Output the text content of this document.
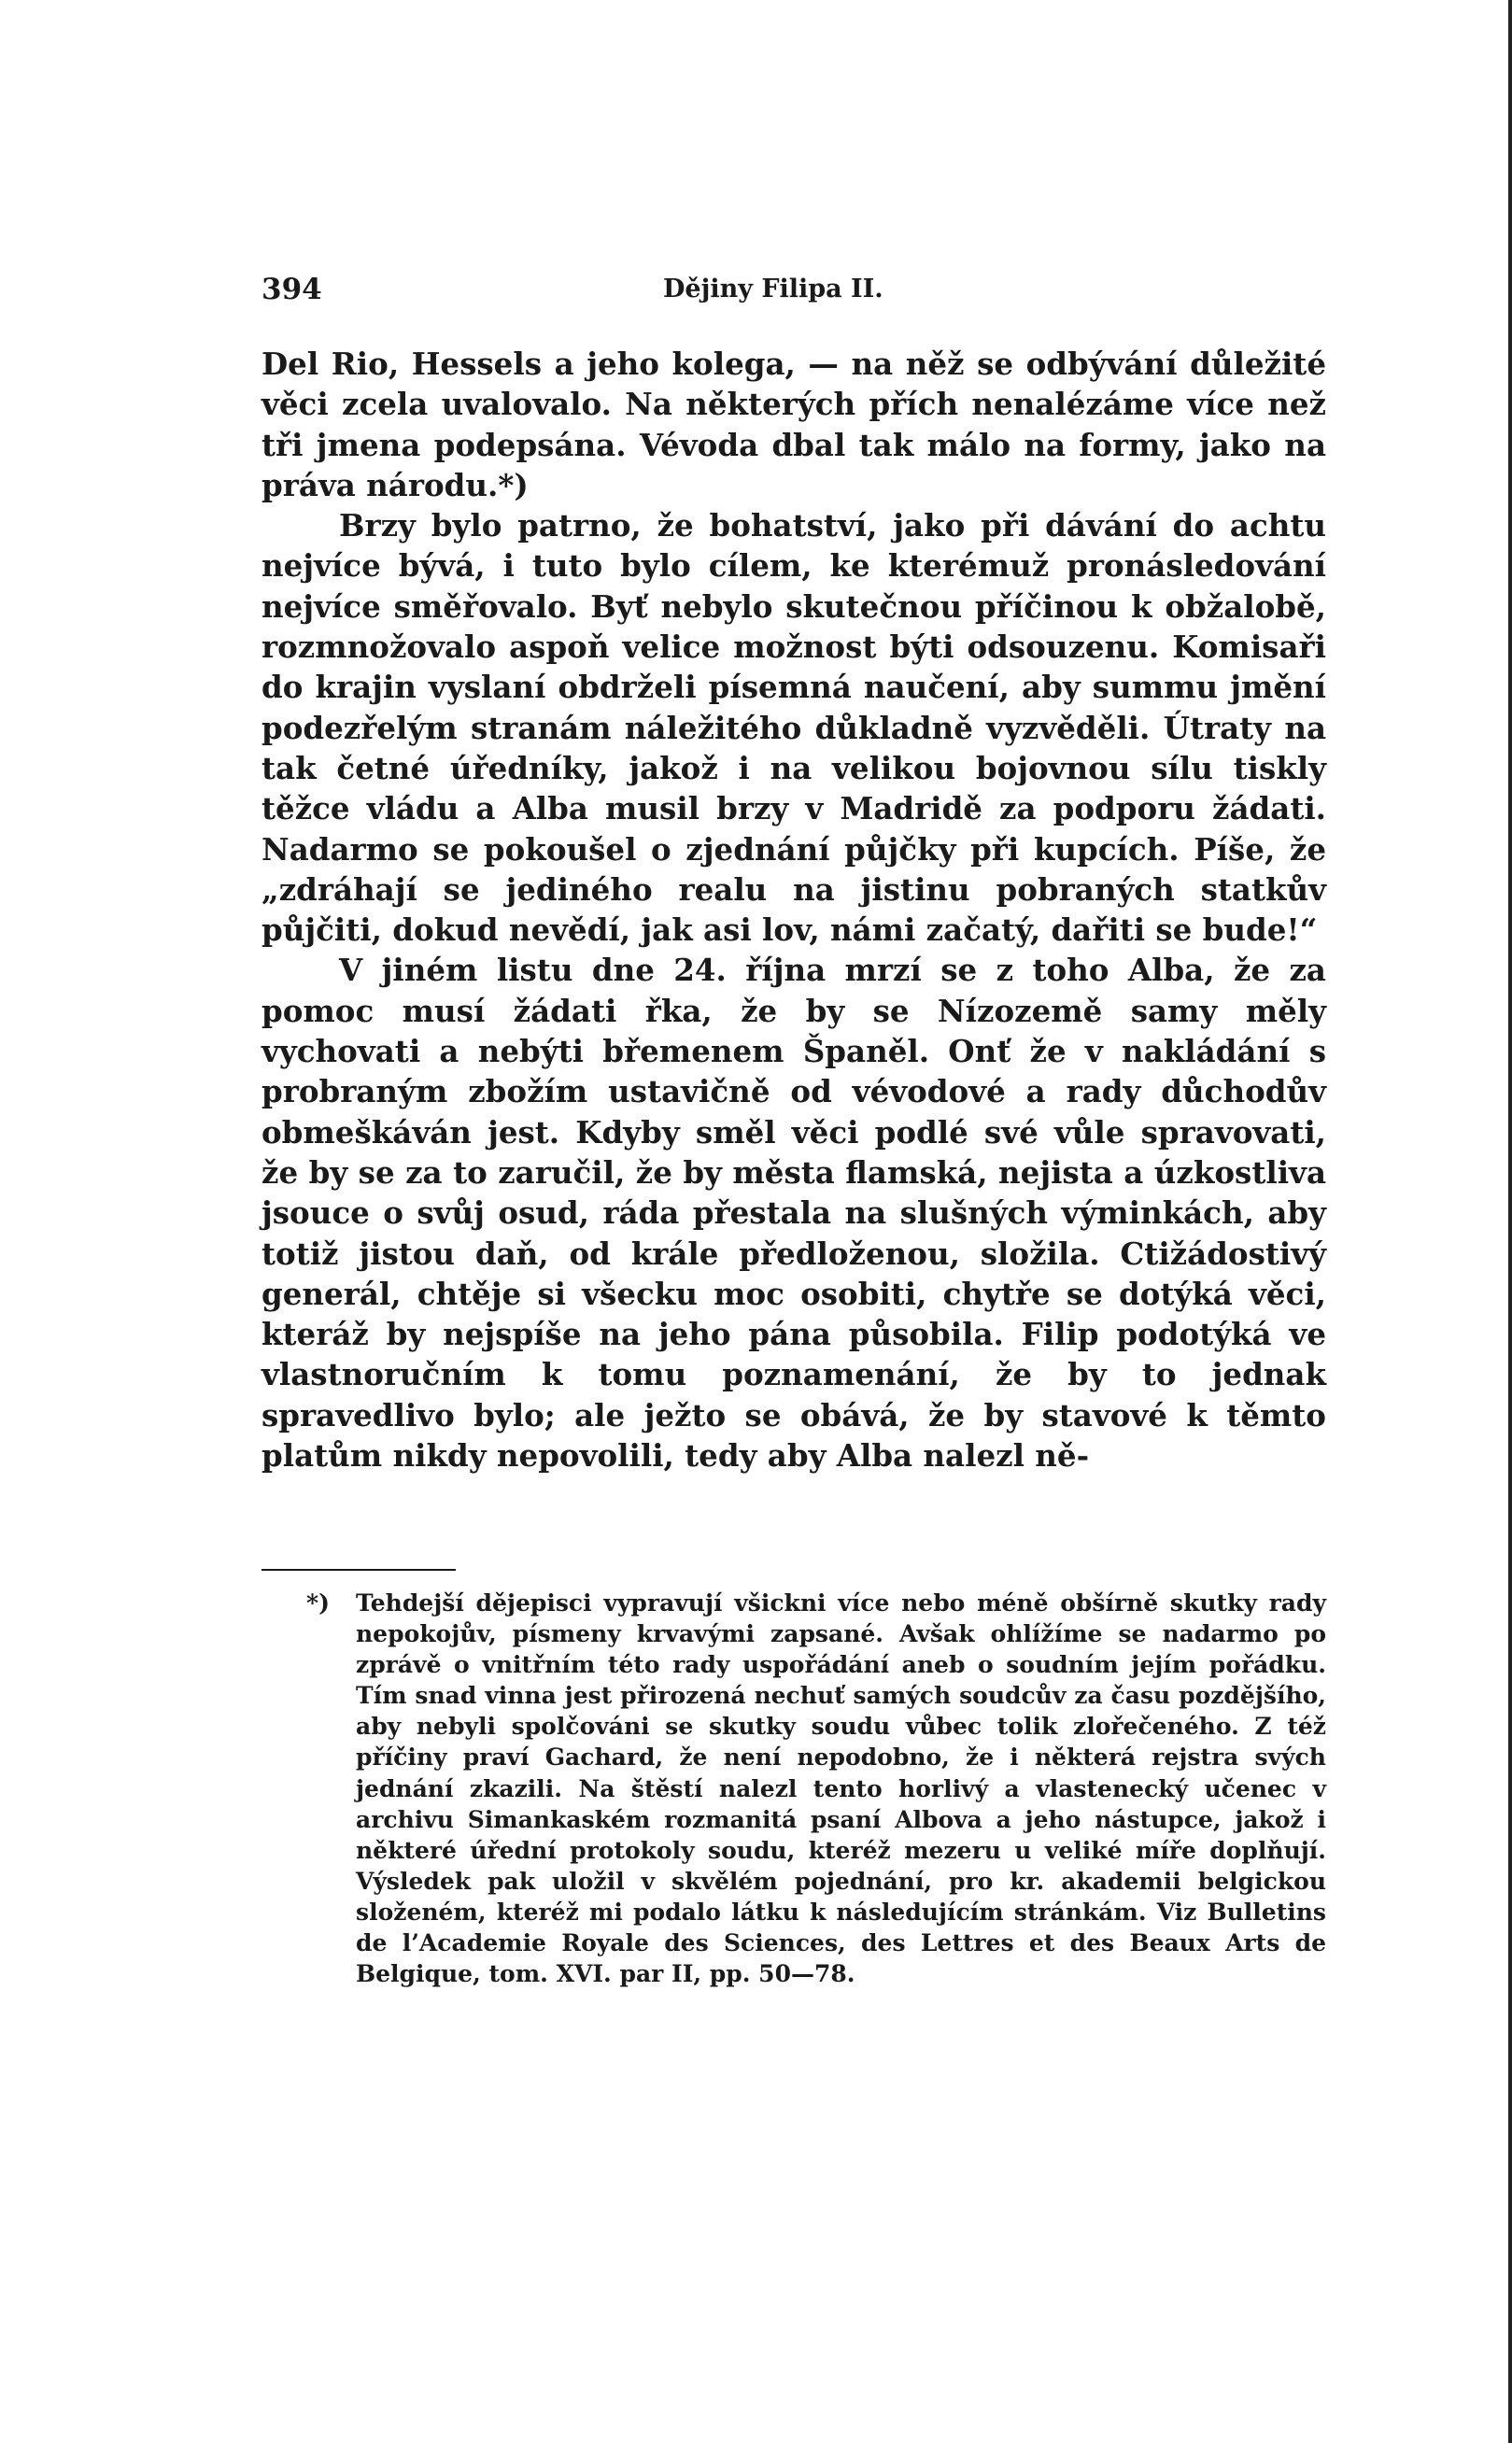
394	Dějiny Filipa II.

Del Rio, Hessels a jeho kolega, — na něž se odbývání důležité věci zcela uvalovalo. Na některých přích nenalézáme více než tři jmena podepsána. Vévoda dbal tak málo na formy, jako na práva národu.*)

Brzy bylo patrno, že bohatství, jako při dávání do achtu nejvíce bývá, i tuto bylo cílem, ke kterémuž pronásledování nejvíce směřovalo. Byť nebylo skutečnou příčinou k obžalobě, rozmnožovalo aspoň velice možnost býti odsouzenu. Komisaři do krajin vyslaní obdrželi písemná naučení, aby summu jmění podezřelým stranám náležitého důkladně vyzvěděli. Útraty na tak četné úředníky, jakož i na velikou bojovnou sílu tiskly těžce vládu a Alba musil brzy v Madridě za podporu žádati. Nadarmo se pokoušel o zjednání půjčky při kupcích. Píše, že „zdráhají se jediného realu na jistinu pobraných statkův půjčiti, dokud nevědí, jak asi lov, námi začatý, dařiti se bude!“

V jiném listu dne 24. října mrzí se z toho Alba, že za pomoc musí žádati řka, že by se Nízozemě samy měly vychovati a nebýti břemenem Španěl. Onť že v nakládání s probraným zbožím ustavičně od vévodové a rady důchodův obmeškáván jest. Kdyby směl věci podlé své vůle spravovati, že by se za to zaručil, že by města flamská, nejista a úzkostliva jsouce o svůj osud, ráda přestala na slušných výminkách, aby totiž jistou daň, od krále předloženou, složila. Ctižádostivý generál, chtěje si všecku moc osobiti, chytře se dotýká věci, kteráž by nejspíše na jeho pána působila. Filip podotýká ve vlastnoručním k tomu poznamenání, že by to jednak spravedlivo bylo; ale ježto se obává, že by stavové k těmto platům nikdy nepovolili, tedy aby Alba nalezl ně-

*) Tehdejší dějepisci vypravují všickni více nebo méně obšírně skutky rady nepokojův, písmeny krvavými zapsané. Avšak ohlížíme se nadarmo po zprávě o vnitřním této rady uspořádání aneb o soudním jejím pořádku. Tím snad vinna jest přirozená nechuť samých soudcův za času pozdějšího, aby nebyli spolčováni se skutky soudu vůbec tolik zlořečeného. Z též příčiny praví Gachard, že není nepodobno, že i některá rejstra svých jednání zkazili. Na štěstí nalezl tento horlivý a vlastenecký učenec v archivu Simankaském rozmanitá psaní Albova a jeho nástupce, jakož i některé úřední protokoly soudu, kteréž mezeru u veliké míře doplňují. Výsledek pak uložil v skvělém pojednání, pro kr. akademii belgickou složeném, kteréž mi podalo látku k následujícím stránkám. Viz Bulletins de l’Academie Royale des Sciences, des Lettres et des Beaux Arts de Belgique, tom. XVI. par II, pp. 50—78.
